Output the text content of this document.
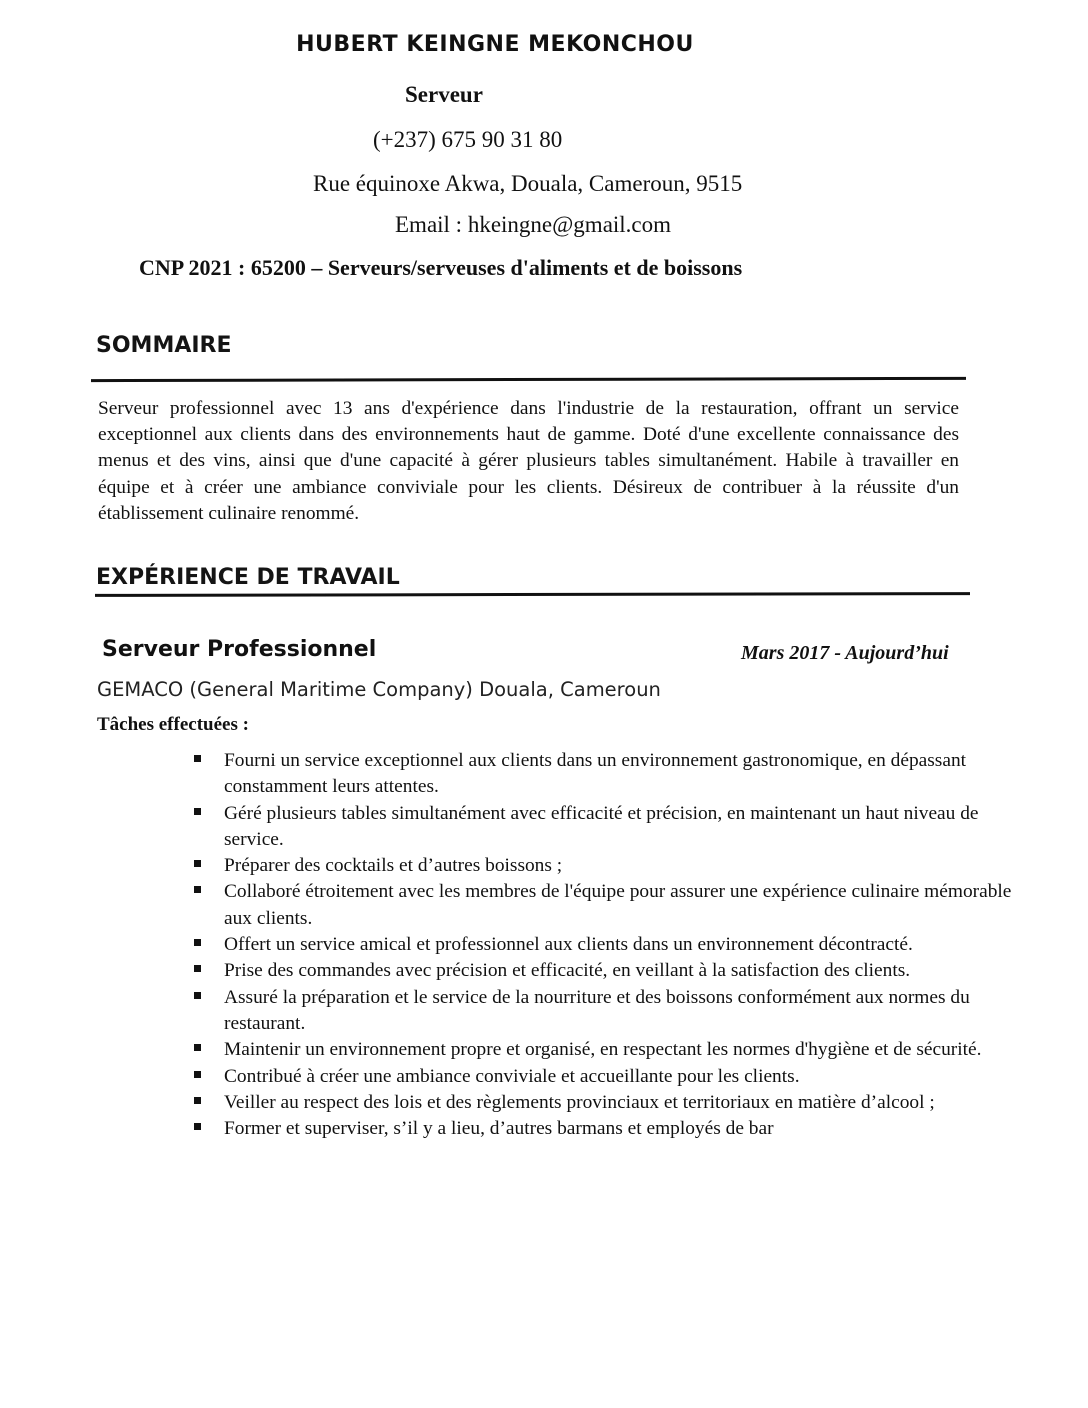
HUBERT KEINGNE MEKONCHOU
Serveur
(+237) 675 90 31 80
Rue équinoxe Akwa, Douala, Cameroun, 9515
Email : hkeingne@gmail.com
CNP 2021 : 65200 – Serveurs/serveuses d'aliments et de boissons
SOMMAIRE
Serveur professionnel avec 13 ans d'expérience dans l'industrie de la restauration, offrant un service exceptionnel aux clients dans des environnements haut de gamme. Doté d'une excellente connaissance des menus et des vins, ainsi que d'une capacité à gérer plusieurs tables simultanément. Habile à travailler en équipe et à créer une ambiance conviviale pour les clients. Désireux de contribuer à la réussite d'un établissement culinaire renommé.
EXPÉRIENCE DE TRAVAIL
Serveur Professionnel	Mars 2017 - Aujourd’hui
GEMACO (General Maritime Company) Douala, Cameroun
Tâches effectuées :
Fourni un service exceptionnel aux clients dans un environnement gastronomique, en dépassant constamment leurs attentes.
Géré plusieurs tables simultanément avec efficacité et précision, en maintenant un haut niveau de service.
Préparer des cocktails et d’autres boissons ;
Collaboré étroitement avec les membres de l'équipe pour assurer une expérience culinaire mémorable aux clients.
Offert un service amical et professionnel aux clients dans un environnement décontracté.
Prise des commandes avec précision et efficacité, en veillant à la satisfaction des clients.
Assuré la préparation et le service de la nourriture et des boissons conformément aux normes du restaurant.
Maintenir un environnement propre et organisé, en respectant les normes d'hygiène et de sécurité.
Contribué à créer une ambiance conviviale et accueillante pour les clients.
Veiller au respect des lois et des règlements provinciaux et territoriaux en matière d’alcool ;
Former et superviser, s’il y a lieu, d’autres barmans et employés de bar
